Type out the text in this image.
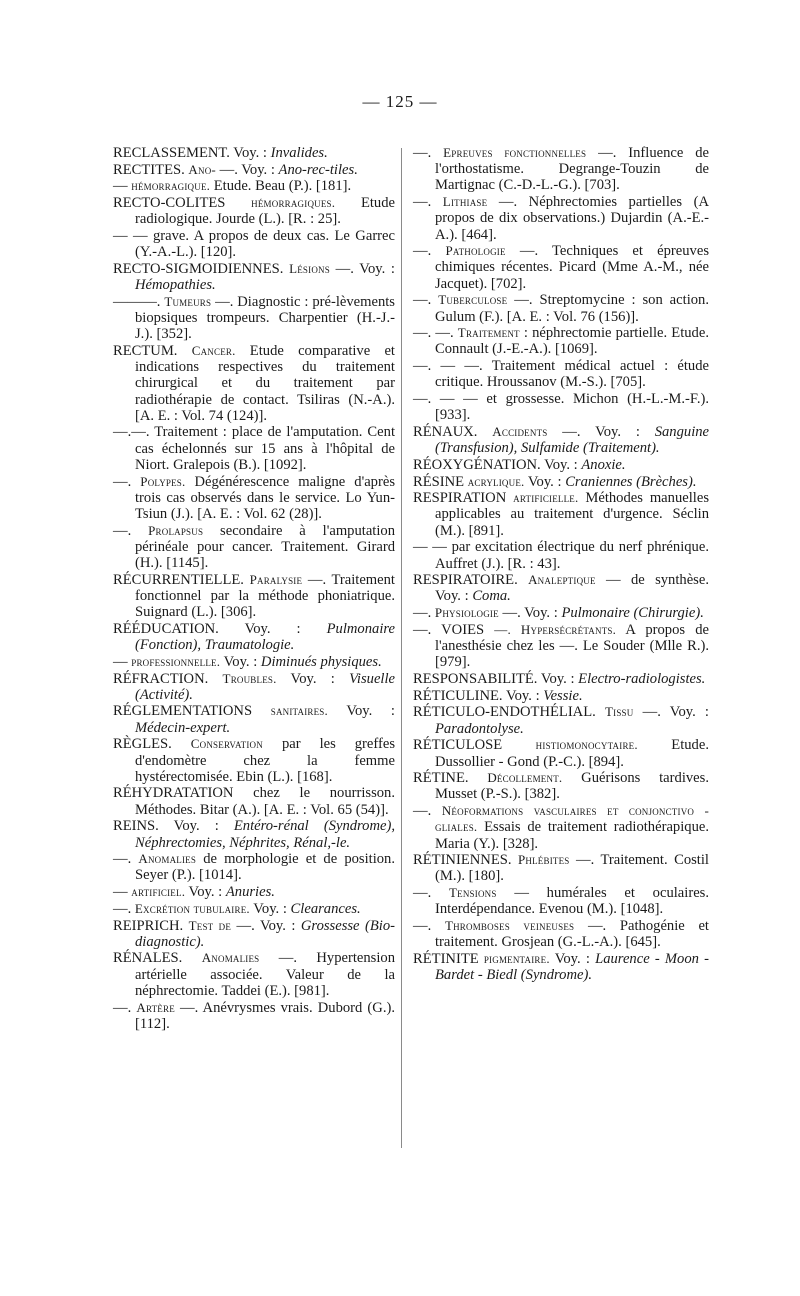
— 125 —

RECLASSEMENT. Voy. : Invalides.

RECTITES. Ano- —. Voy. : Ano-rec-tiles.

— hémorragique. Etude. Beau (P.). [181].

RECTO-COLITES hémorragiques. Etude radiologique. Jourde (L.). [R. : 25].

— — grave. A propos de deux cas. Le Garrec (Y.-A.-L.). [120].

RECTO-SIGMOIDIENNES. Lésions —. Voy. : Hémopathies.

———. Tumeurs —. Diagnostic : pré-lèvements biopsiques trompeurs. Charpentier (H.-J.-J.). [352].

RECTUM. Cancer. Etude comparative et indications respectives du traitement chirurgical et du traitement par radiothérapie de contact. Tsiliras (N.-A.). [A. E. : Vol. 74 (124)].

—.—. Traitement : place de l'amputation. Cent cas échelonnés sur 15 ans à l'hôpital de Niort. Gralepois (B.). [1092].

—. Polypes. Dégénérescence maligne d'après trois cas observés dans le service. Lo Yun-Tsiun (J.). [A. E. : Vol. 62 (28)].

—. Prolapsus secondaire à l'amputation périnéale pour cancer. Traitement. Girard (H.). [1145].

RÉCURRENTIELLE. Paralysie —. Traitement fonctionnel par la méthode phoniatrique. Suignard (L.). [306].

RÉÉDUCATION. Voy. : Pulmonaire (Fonction), Traumatologie.

— professionnelle. Voy. : Diminués physiques.

RÉFRACTION. Troubles. Voy. : Visuelle (Activité).

RÉGLEMENTATIONS sanitaires. Voy. : Médecin-expert.

RÈGLES. Conservation par les greffes d'endomètre chez la femme hystérectomisée. Ebin (L.). [168].

RÉHYDRATATION chez le nourrisson. Méthodes. Bitar (A.). [A. E. : Vol. 65 (54)].

REINS. Voy. : Entéro-rénal (Syndrome), Néphrectomies, Néphrites, Rénal,-le.

—. Anomalies de morphologie et de position. Seyer (P.). [1014].

— artificiel. Voy. : Anuries.

—. Excrétion tubulaire. Voy. : Clearances.

REIPRICH. Test de —. Voy. : Grossesse (Bio-diagnostic).

RÉNALES. Anomalies —. Hypertension artérielle associée. Valeur de la néphrectomie. Taddei (E.). [981].

—. Artère —. Anévrysmes vrais. Dubord (G.). [112].

—. Epreuves fonctionnelles —. Influence de l'orthostatisme. Degrange-Touzin de Martignac (C.-D.-L.-G.). [703].

—. Lithiase —. Néphrectomies partielles (A propos de dix observations.) Dujardin (A.-E.-A.). [464].

—. Pathologie —. Techniques et épreuves chimiques récentes. Picard (Mme A.-M., née Jacquet). [702].

—. Tuberculose —. Streptomycine : son action. Gulum (F.). [A. E. : Vol. 76 (156)].

—. —. Traitement : néphrectomie partielle. Etude. Connault (J.-E.-A.). [1069].

—. — —. Traitement médical actuel : étude critique. Hroussanov (M.-S.). [705].

—. — — et grossesse. Michon (H.-L.-M.-F.). [933].

RÉNAUX. Accidents —. Voy. : Sanguine (Transfusion), Sulfamide (Traitement).

RÉOXYGÉNATION. Voy. : Anoxie.

RÉSINE acrylique. Voy. : Craniennes (Brèches).

RESPIRATION artificielle. Méthodes manuelles applicables au traitement d'urgence. Séclin (M.). [891].

— — par excitation électrique du nerf phrénique. Auffret (J.). [R. : 43].

RESPIRATOIRE. Analeptique — de synthèse. Voy. : Coma.

—. Physiologie —. Voy. : Pulmonaire (Chirurgie).

—. VOIES —. Hypersécrétants. A propos de l'anesthésie chez les —. Le Souder (Mlle R.). [979].

RESPONSABILITÉ. Voy. : Electro-radiologistes.

RÉTICULINE. Voy. : Vessie.

RÉTICULO-ENDOTHÉLIAL. Tissu —. Voy. : Paradontolyse.

RÉTICULOSE	histiomonocytaire. Etude. Dussollier - Gond (P.-C.). [894].

RÉTINE. Décollement. Guérisons tardives. Musset (P.-S.). [382].

—. Néoformations vasculaires et conjonctivo - gliales. Essais de traitement radiothérapique. Maria (Y.). [328].

RÉTINIENNES. Phlébites —. Traitement. Costil (M.). [180].

—. Tensions — humérales et oculaires. Interdépendance. Evenou (M.). [1048].

—. Thromboses veineuses —. Pathogénie et traitement. Grosjean (G.-L.-A.). [645].

RÉTINITE pigmentaire. Voy. : Laurence - Moon - Bardet - Biedl (Syndrome).
